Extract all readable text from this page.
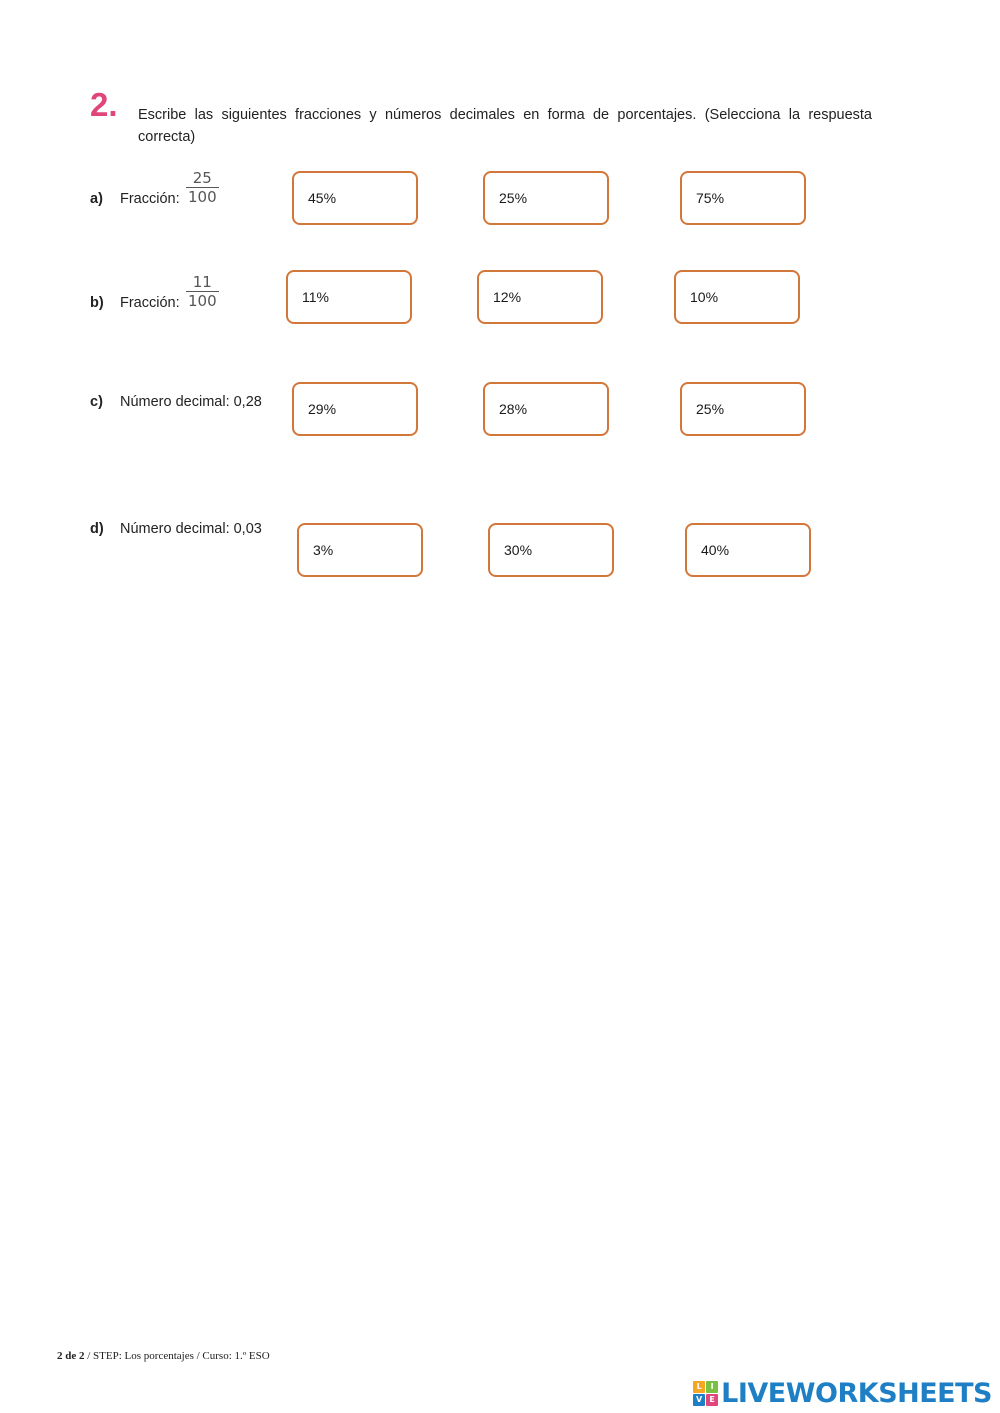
2. Escribe las siguientes fracciones y números decimales en forma de porcentajes. (Selecciona la respuesta correcta)
a) Fracción:
25
100	45%	25%	75%
b) Fracción:
11
100	11%	12%	10%
c) Número decimal: 0,28	29%	28%	25%
d) Número decimal: 0,03
3%	30%	40%
2 de 2 / STEP: Los porcentajes / Curso: 1.º ESO
L	I
V E LIVEWORKSHEETS
